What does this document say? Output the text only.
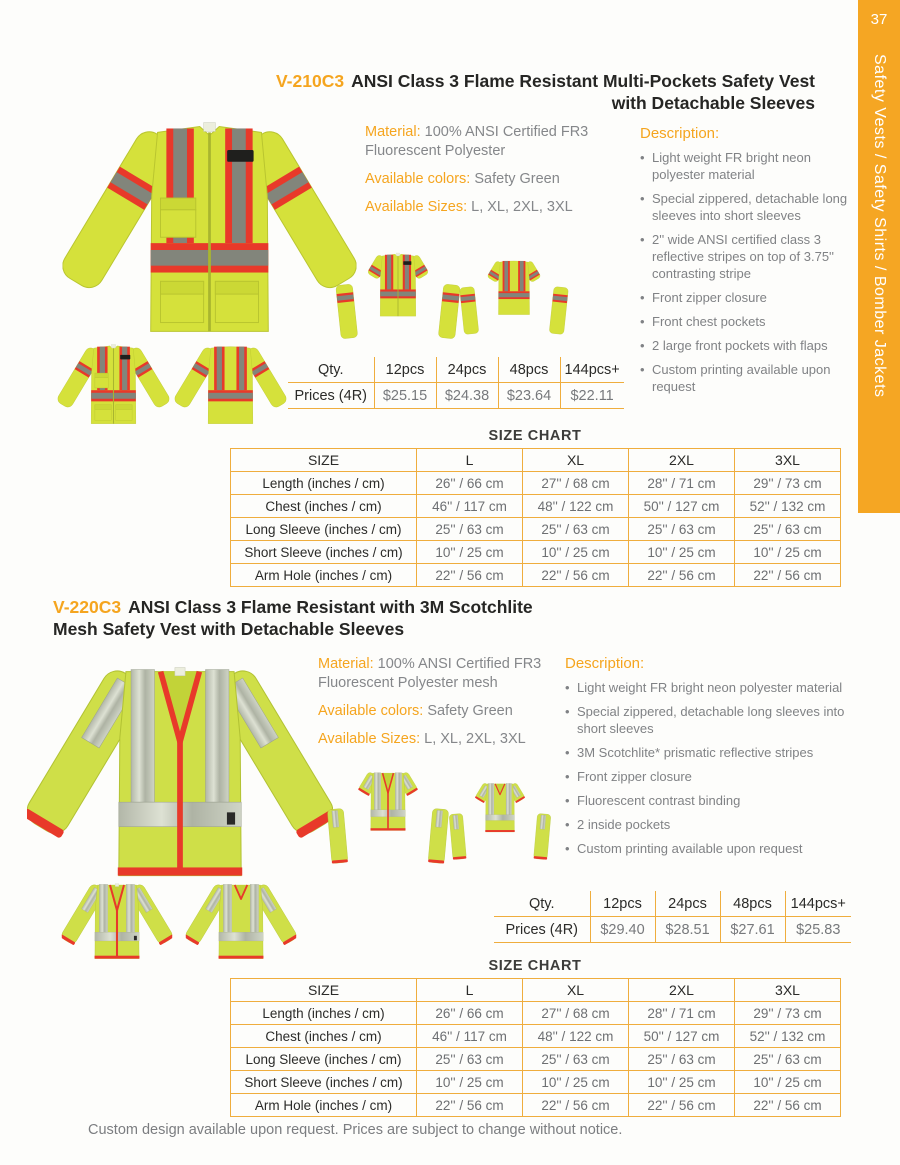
37
Safety Vests / Safety Shirts / Bomber Jackets
V-210C3 ANSI Class 3 Flame Resistant Multi-Pockets Safety Vest
with Detachable Sleeves
Material: 100% ANSI Certified FR3 Fluorescent Polyester
Available colors: Safety Green
Available Sizes: L, XL, 2XL, 3XL
Description:
• Light weight FR bright neon polyester material
• Special zippered, detachable long sleeves into short sleeves
• 2'' wide ANSI certified class 3 reflective stripes on top of 3.75'' contrasting stripe
• Front zipper closure
• Front chest pockets
• 2 large front pockets with flaps
• Custom printing available upon request
Qty.	12pcs	24pcs	48pcs	144pcs+
Prices (4R)	$25.15	$24.38	$23.64	$22.11
SIZE CHART
SIZE	L	XL	2XL	3XL
Length (inches / cm)	26'' / 66 cm	27'' / 68 cm	28'' / 71 cm	29'' / 73 cm
Chest (inches / cm)	46'' / 117 cm	48'' / 122 cm	50'' / 127 cm	52'' / 132 cm
Long Sleeve (inches / cm)	25'' / 63 cm	25'' / 63 cm	25'' / 63 cm	25'' / 63 cm
Short Sleeve (inches / cm)	10'' / 25 cm	10'' / 25 cm	10'' / 25 cm	10'' / 25 cm
Arm Hole (inches / cm)	22'' / 56 cm	22'' / 56 cm	22'' / 56 cm	22'' / 56 cm
V-220C3 ANSI Class 3 Flame Resistant with 3M Scotchlite
Mesh Safety Vest with Detachable Sleeves
Material: 100% ANSI Certified FR3 Fluorescent Polyester mesh
Available colors: Safety Green
Available Sizes: L, XL, 2XL, 3XL
Description:
• Light weight FR bright neon polyester material
• Special zippered, detachable long sleeves into short sleeves
• 3M Scotchlite* prismatic reflective stripes
• Front zipper closure
• Fluorescent contrast binding
• 2 inside pockets
• Custom printing available upon request
Qty.	12pcs	24pcs	48pcs	144pcs+
Prices (4R)	$29.40	$28.51	$27.61	$25.83
SIZE CHART
SIZE	L	XL	2XL	3XL
Length (inches / cm)	26'' / 66 cm	27'' / 68 cm	28'' / 71 cm	29'' / 73 cm
Chest (inches / cm)	46'' / 117 cm	48'' / 122 cm	50'' / 127 cm	52'' / 132 cm
Long Sleeve (inches / cm)	25'' / 63 cm	25'' / 63 cm	25'' / 63 cm	25'' / 63 cm
Short Sleeve (inches / cm)	10'' / 25 cm	10'' / 25 cm	10'' / 25 cm	10'' / 25 cm
Arm Hole (inches / cm)	22'' / 56 cm	22'' / 56 cm	22'' / 56 cm	22'' / 56 cm
Custom design available upon request. Prices are subject to change without notice.
